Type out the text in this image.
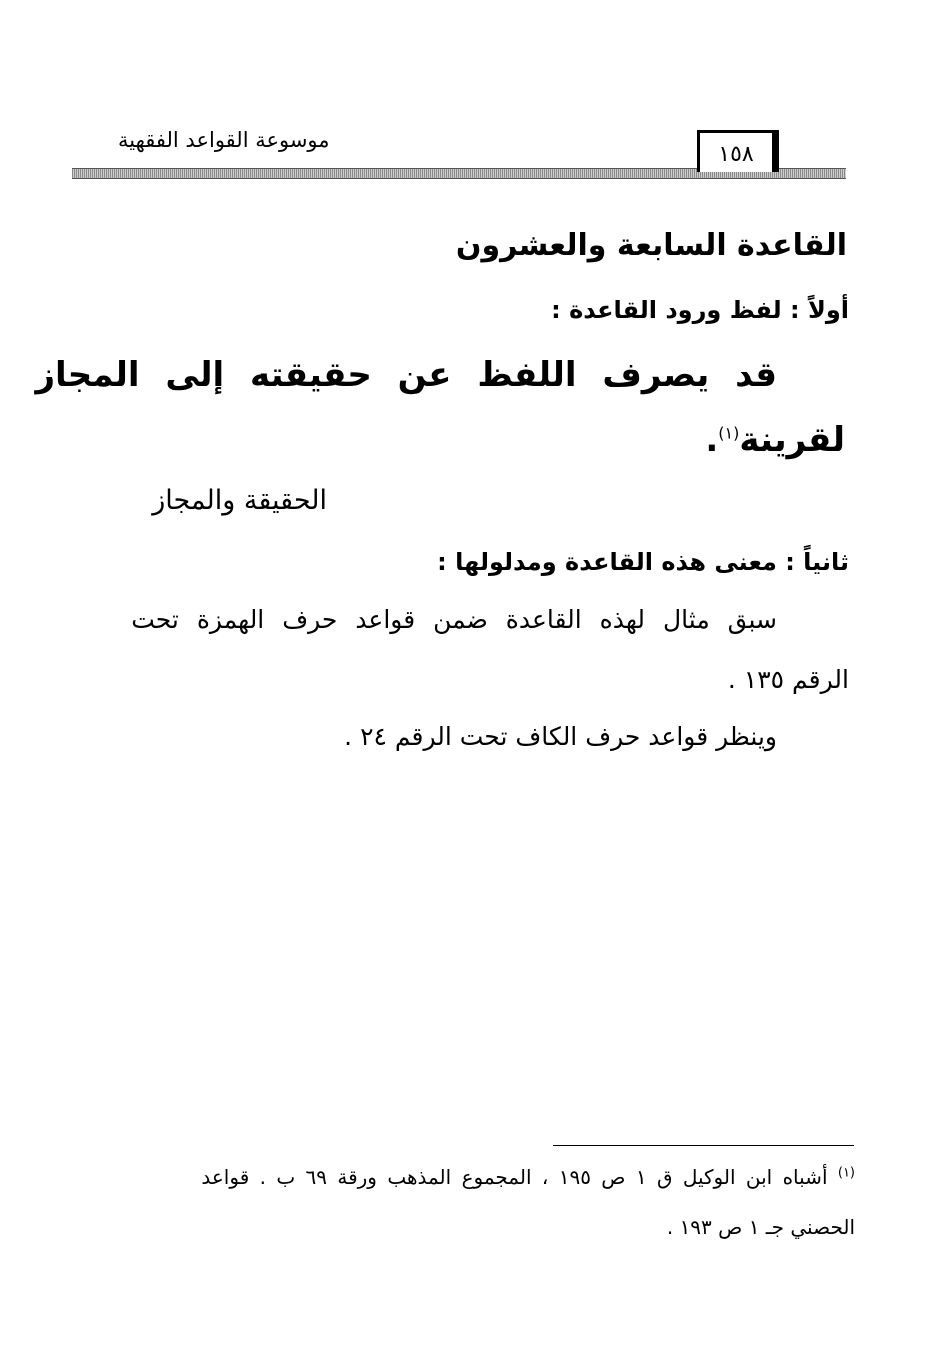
موسوعة القواعد الفقهية
١٥٨
القاعدة السابعة والعشرون
أولاً : لفظ ورود القاعدة :
قد يصرف اللفظ عن حقيقته إلى المجاز
لقرينة$^{(١)}$.
الحقيقة والمجاز
ثانياً : معنى هذه القاعدة ومدلولها :
سبق مثال لهذه القاعدة ضمن قواعد حرف الهمزة تحت
الرقم ١٣٥ .
وينظر قواعد حرف الكاف تحت الرقم ٢٤ .
$^{(١)}$ أشباه ابن الوكيل ق ١ ص ١٩٥ ، المجموع المذهب ورقة ٦٩ ب . قواعد
الحصني جـ ١ ص ١٩٣ .
